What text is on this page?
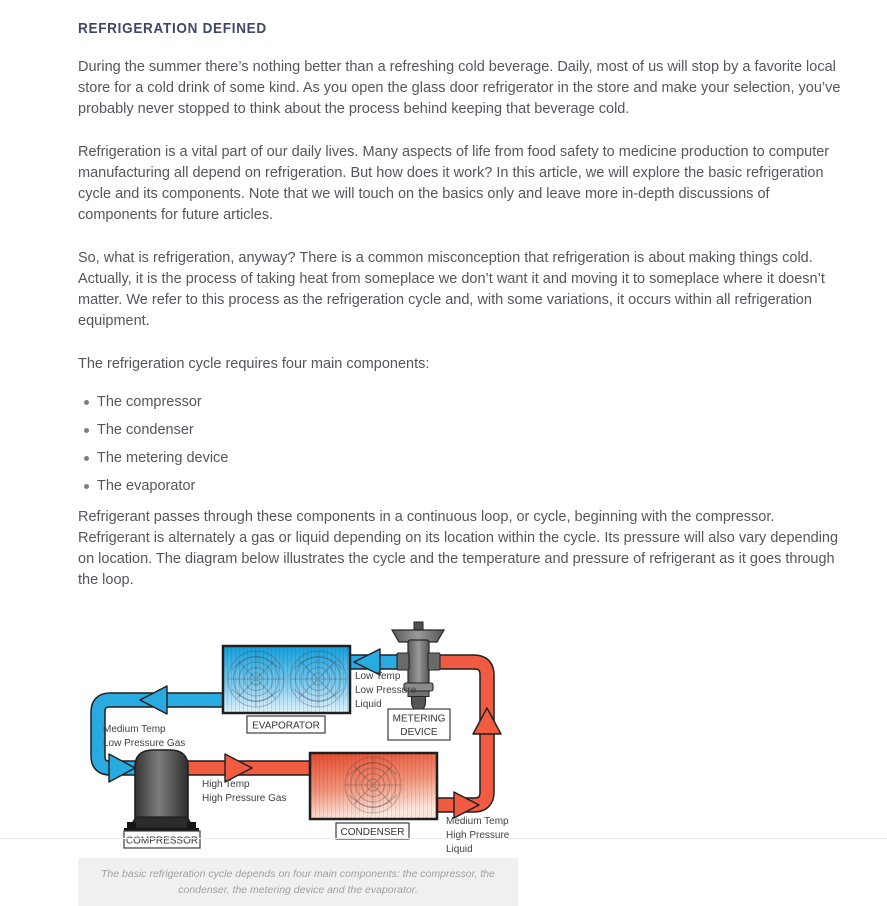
REFRIGERATION DEFINED

During the summer there’s nothing better than a refreshing cold beverage. Daily, most of us will stop by a favorite local store for a cold drink of some kind. As you open the glass door refrigerator in the store and make your selection, you’ve probably never stopped to think about the process behind keeping that beverage cold.

Refrigeration is a vital part of our daily lives. Many aspects of life from food safety to medicine production to computer manufacturing all depend on refrigeration. But how does it work? In this article, we will explore the basic refrigeration cycle and its components. Note that we will touch on the basics only and leave more in-depth discussions of components for future articles.

So, what is refrigeration, anyway? There is a common misconception that refrigeration is about making things cold. Actually, it is the process of taking heat from someplace we don’t want it and moving it to someplace where it doesn’t matter. We refer to this process as the refrigeration cycle and, with some variations, it occurs within all refrigeration equipment.

The refrigeration cycle requires four main components:

The compressor
The condenser
The metering device
The evaporator

Refrigerant passes through these components in a continuous loop, or cycle, beginning with the compressor. Refrigerant is alternately a gas or liquid depending on its location within the cycle. Its pressure will also vary depending on location. The diagram below illustrates the cycle and the temperature and pressure of refrigerant as it goes through the loop.

EVAPORATOR
METERING
DEVICE
COMPRESSOR
CONDENSER
Medium Temp
Low Pressure Gas
High Temp
High Pressure Gas
Low Temp
Low Pressure
Liquid
Medium Temp
High Pressure
Liquid
The basic refrigeration cycle depends on four main components: the compressor, the condenser, the metering device and the evaporator.
